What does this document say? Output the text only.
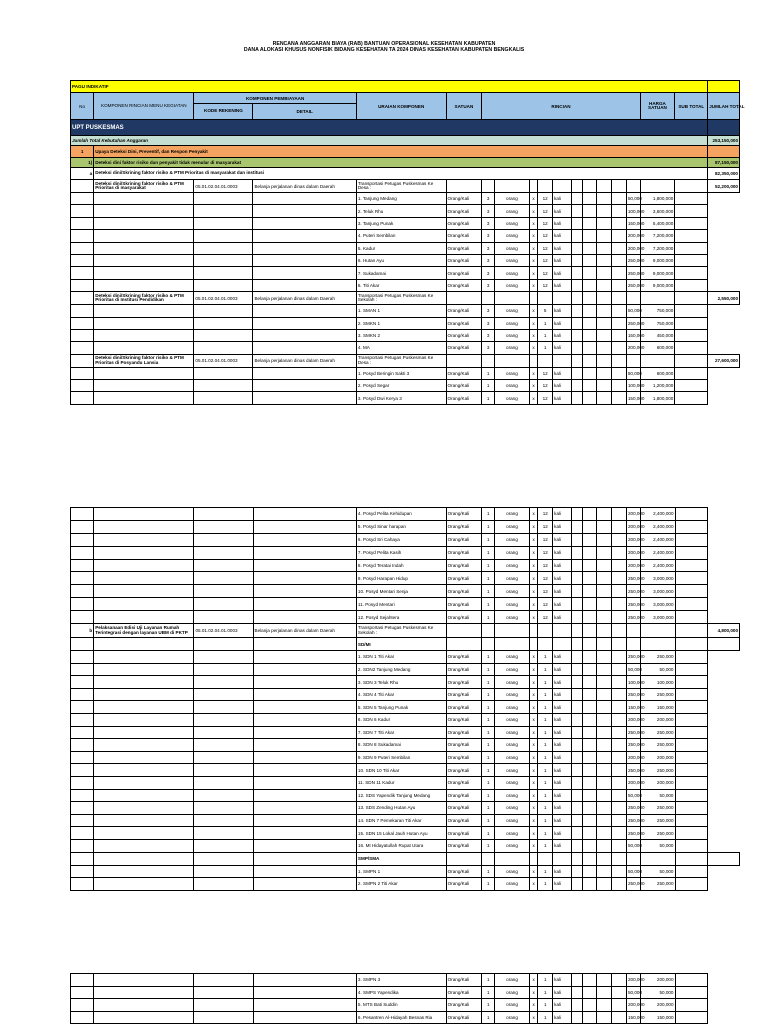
RENCANA ANGGARAN BIAYA (RAB) BANTUAN OPERASIONAL KESEHATAN KABUPATEN
DANA ALOKASI KHUSUS NONFISIK BIDANG KESEHATAN TA 2024 DINAS KESEHATAN KABUPATEN BENGKALIS
PAGU INDIKATIF																		
No	KOMPONEN RINCIAN MENU KEGIATAN	KOMPONEN PEMBIAYAAN		URAIAN KOMPONEN	SATUAN	RINCIAN										HARGA SATUAN	SUB TOTAL	JUMLAH TOTAL
		KODE REKENING	DETAIL															

UPT PUSKESMAS																		
Jumlah Total Kebutuhan Anggaran																		253,150,000
1	Upaya Deteksi Dini, Preventif, dan Respon Penyakit																	
1)	Deteksi dini faktor risiko dan penyakit tidak menular di masyarakat																	87,150,000
a	Deteksi dini/Skrining faktor risiko & PTM Prioritas di masyarakat dan institusi																	82,350,000
	Deteksi dini/Skrining faktor risiko & PTM Prioritas di masyarakat	05.01.02.04.01.0003	Belanja perjalanan dinas dalam Daerah	Transportasi Petugas Puskesmas Ke Desa :														52,200,000
				1. Tanjung Medang	Orang/Kali	3	orang	x	12	kali					50,000	1,800,000		
				2. Teluk Rhu	Orang/Kali	3	orang	x	12	kali					100,000	3,600,000		
				3. Tanjung Punak	Orang/Kali	3	orang	x	12	kali					150,000	5,400,000		
				4. Puteri Sembilan	Orang/Kali	3	orang	x	12	kali					200,000	7,200,000		
				5. Kadur	Orang/Kali	3	orang	x	12	kali					200,000	7,200,000		
				6. Hutan Ayu	Orang/Kali	3	orang	x	12	kali					250,000	9,000,000		
				7. Sukadamai	Orang/Kali	3	orang	x	12	kali					250,000	9,000,000		
				8. Titi Akar	Orang/Kali	3	orang	x	12	kali					250,000	9,000,000		
	Deteksi dini/Skrining faktor risiko & PTM Prioritas di Institusi Pendidikan	05.01.02.04.01.0003	Belanja perjalanan dinas dalam Daerah	Transportasi Petugas Puskesmas Ke Sekolah :														2,550,000
				1. SMAN 1	Orang/Kali	3	orang	x	5	kali					50,000	750,000		
				2. SMKN 1	Orang/Kali	3	orang	x	1	kali					250,000	750,000		
				3. SMKN 2	Orang/Kali	3	orang	x	1	kali					150,000	450,000		
				4. MA	Orang/Kali	3	orang	x	1	kali					200,000	600,000		
	Deteksi dini/Skrining faktor risiko & PTM Prioritas di Posyandu Lansia	05.01.02.04.01.0003	Belanja perjalanan dinas dalam Daerah	Transportasi Petugas Puskesmas Ke Desa :														27,600,000
				1. Posyd Beringin Sakti 3	Orang/Kali	1	orang	x	12	kali					50,000	600,000		
				2. Posyd Segar	Orang/Kali	1	orang	x	12	kali					100,000	1,200,000		
				3. Posyd Dwi Kerya 3	Orang/Kali	1	orang	x	12	kali					150,000	1,800,000		
				4. Posyd Pelita Kehidupan	Orang/Kali	1	orang	x	12	kali					200,000	2,400,000		
				5. Posyd Sinar harapan	Orang/Kali	1	orang	x	12	kali					200,000	2,400,000		
				6. Posyd Sri Cahaya	Orang/Kali	1	orang	x	12	kali					200,000	2,400,000		
				7. Posyd Pelita Kasih	Orang/Kali	1	orang	x	12	kali					200,000	2,400,000		
				8. Posyd Teratai Indah	Orang/Kali	1	orang	x	12	kali					200,000	2,400,000		
				9. Posyd Harapan Hidup	Orang/Kali	1	orang	x	12	kali					250,000	3,000,000		
				10. Posyd Mentari Senja	Orang/Kali	1	orang	x	12	kali					250,000	3,000,000		
				11. Posyd Mentari	Orang/Kali	1	orang	x	12	kali					250,000	3,000,000		
				12. Posyd Sejahtera	Orang/Kali	1	orang	x	12	kali					250,000	3,000,000		
b	Pelaksanaan Edisi Uji Layanan Rumah Terintegrasi dengan layanan UBM di PKTP	05.01.02.04.01.0003	Belanja perjalanan dinas dalam Daerah	Transportasi Petugas Puskesmas Ke Sekolah :														4,800,000
				SD/MI														
				1. SDN 1 Titi Akar	Orang/Kali	1	orang	x	1	kali					250,000	250,000		
				2. SDN2 Tanjung Medang	Orang/Kali	1	orang	x	1	kali					50,000	50,000		
				3. SDN 3 Teluk Rhu	Orang/Kali	1	orang	x	1	kali					100,000	100,000		
				4. SDN 4 Titi Akar	Orang/Kali	1	orang	x	1	kali					250,000	250,000		
				5. SDN 5 Tanjung Punak	Orang/Kali	1	orang	x	1	kali					150,000	150,000		
				6. SDN 6 Kadur	Orang/Kali	1	orang	x	1	kali					200,000	200,000		
				7. SDN 7 Titi Akar	Orang/Kali	1	orang	x	1	kali					250,000	250,000		
				8. SDN 8 Sukadamai	Orang/Kali	1	orang	x	1	kali					250,000	250,000		
				9. SDN 9 Puteri Sembilan	Orang/Kali	1	orang	x	1	kali					200,000	200,000		
				10. SDN 10 Titi Akar	Orang/Kali	1	orang	x	1	kali					250,000	250,000		
				11. SDN 11 Kadur	Orang/Kali	1	orang	x	1	kali					200,000	200,000		
				12. SDS Yapendik Tanjung Medang	Orang/Kali	1	orang	x	1	kali					50,000	50,000		
				13. SDS Zending Hutan Ayu	Orang/Kali	1	orang	x	1	kali					250,000	250,000		
				14. SDN 7 Pemekaran Titi Akar	Orang/Kali	1	orang	x	1	kali					250,000	250,000		
				15. SDN 15 Lokal Jauh Hutan Ayu	Orang/Kali	1	orang	x	1	kali					250,000	250,000		
				16. MI Hidayatullah Rupat Utara	Orang/Kali	1	orang	x	1	kali					50,000	50,000		
				SMP/SMA														
				1. SMPN 1	Orang/Kali	1	orang	x	1	kali					50,000	50,000		
				2. SMPN 2 Titi Akar	Orang/Kali	1	orang	x	1	kali					250,000	250,000		
				3. SMPN 3	Orang/Kali	1	orang	x	1	kali					200,000	200,000	
				4. SMPS Yapendika	Orang/Kali	1	orang	x	1	kali					50,000	50,000	
				5. MTS Bati Suddin	Orang/Kali	1	orang	x	1	kali					200,000	200,000	
				6. Pesantren Al-Hidayah Besnas Ria	Orang/Kali	1	orang	x	1	kali					150,000	150,000	
